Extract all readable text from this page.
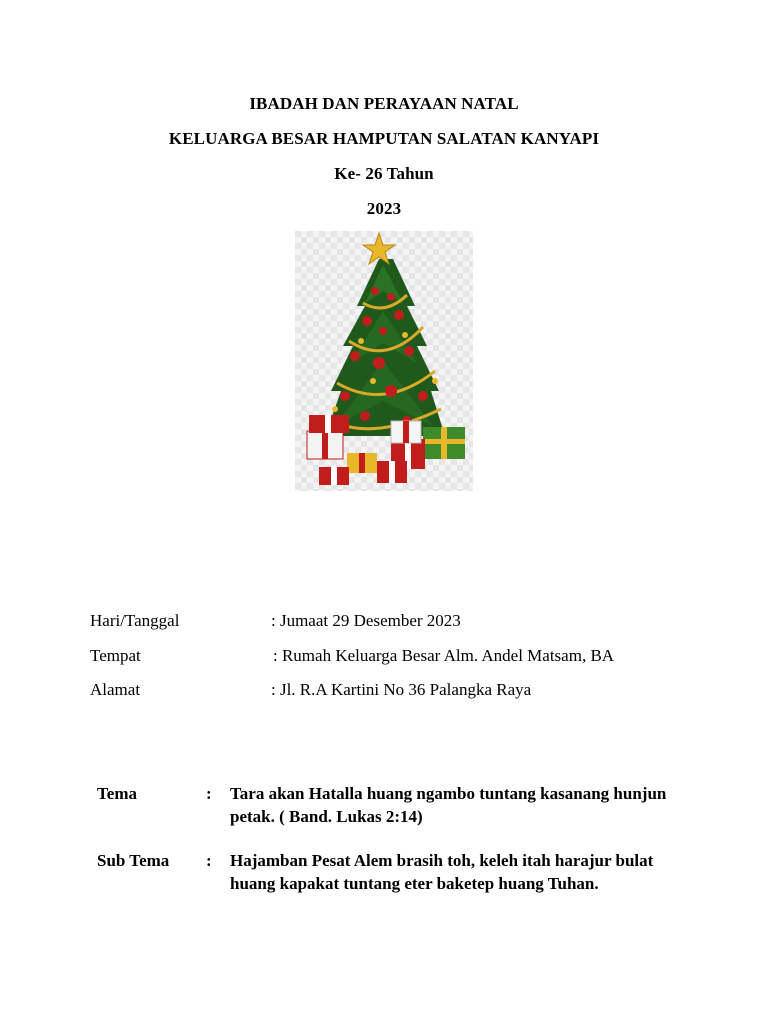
IBADAH DAN PERAYAAN NATAL
KELUARGA BESAR HAMPUTAN SALATAN KANYAPI
Ke- 26 Tahun
2023
Hari/Tanggal	: Jumaat 29 Desember 2023
Tempat	: Rumah Keluarga Besar Alm. Andel Matsam, BA
Alamat	: Jl. R.A Kartini No 36 Palangka Raya
Tema	: Tara akan Hatalla huang ngambo tuntang kasanang hunjun petak. ( Band. Lukas 2:14)
Sub Tema : Hajamban Pesat Alem brasih toh, keleh itah harajur bulat huang kapakat tuntang eter baketep huang Tuhan.
